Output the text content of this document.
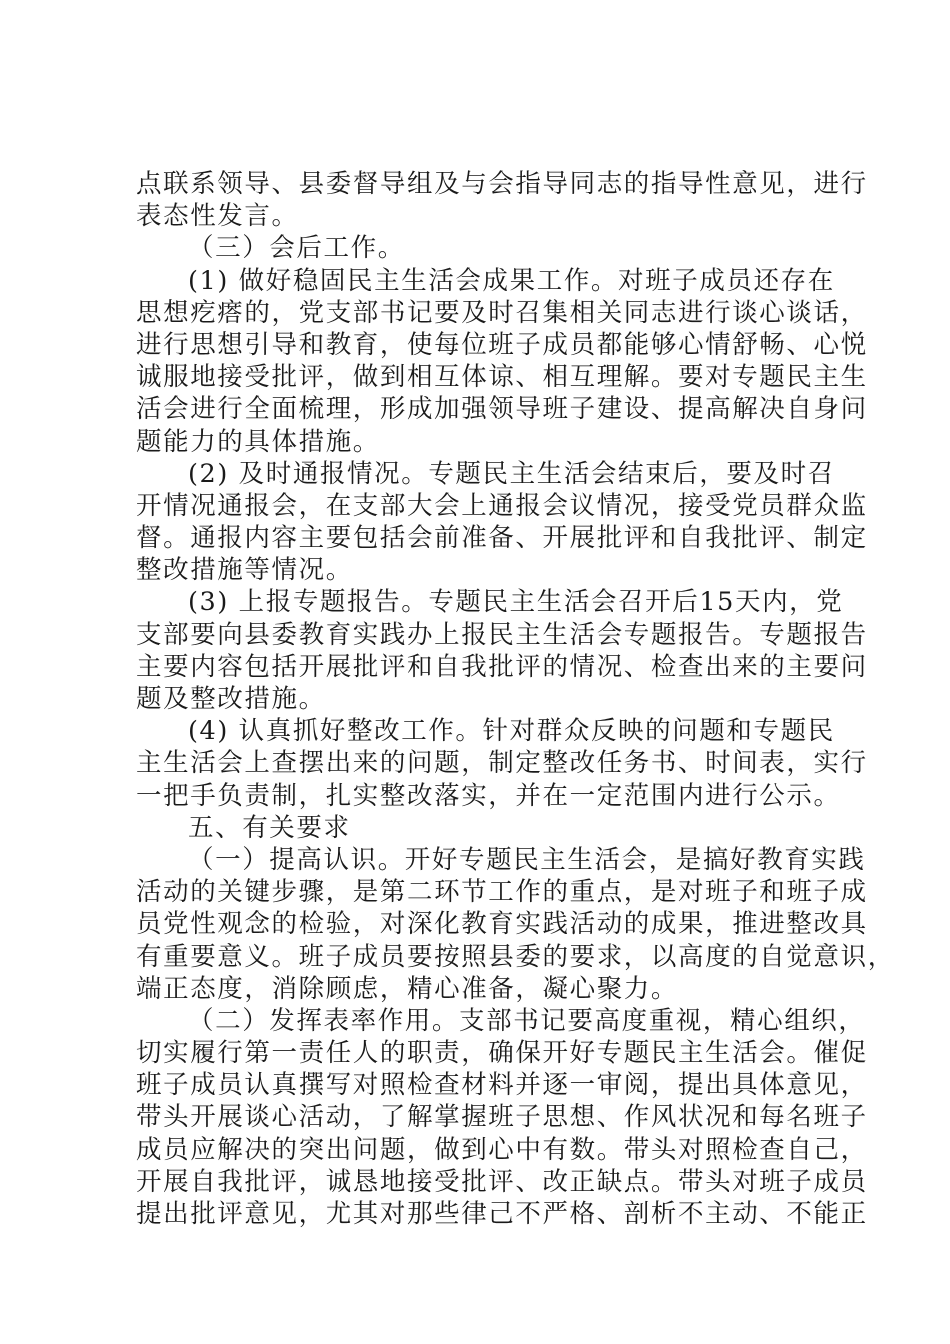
点联系领导、县委督导组及与会指导同志的指导性意见，进行
表态性发言。
（三）会后工作。
(1) 做好稳固民主生活会成果工作。对班子成员还存在
思想疙瘩的，党支部书记要及时召集相关同志进行谈心谈话，
进行思想引导和教育，使每位班子成员都能够心情舒畅、心悦
诚服地接受批评，做到相互体谅、相互理解。要对专题民主生
活会进行全面梳理，形成加强领导班子建设、提高解决自身问
题能力的具体措施。
(2) 及时通报情况。专题民主生活会结束后，要及时召
开情况通报会，在支部大会上通报会议情况，接受党员群众监
督。通报内容主要包括会前准备、开展批评和自我批评、制定
整改措施等情况。
(3) 上报专题报告。专题民主生活会召开后15天内，党
支部要向县委教育实践办上报民主生活会专题报告。专题报告
主要内容包括开展批评和自我批评的情况、检查出来的主要问
题及整改措施。
(4) 认真抓好整改工作。针对群众反映的问题和专题民
主生活会上查摆出来的问题，制定整改任务书、时间表，实行
一把手负责制，扎实整改落实，并在一定范围内进行公示。
五、有关要求
（一）提高认识。开好专题民主生活会，是搞好教育实践
活动的关键步骤，是第二环节工作的重点，是对班子和班子成
员党性观念的检验，对深化教育实践活动的成果，推进整改具
有重要意义。班子成员要按照县委的要求，以高度的自觉意识，
端正态度，消除顾虑，精心准备，凝心聚力。
（二）发挥表率作用。支部书记要高度重视，精心组织，
切实履行第一责任人的职责，确保开好专题民主生活会。催促
班子成员认真撰写对照检查材料并逐一审阅，提出具体意见，
带头开展谈心活动，了解掌握班子思想、作风状况和每名班子
成员应解决的突出问题，做到心中有数。带头对照检查自己，
开展自我批评，诚恳地接受批评、改正缺点。带头对班子成员
提出批评意见，尤其对那些律己不严格、剖析不主动、不能正
